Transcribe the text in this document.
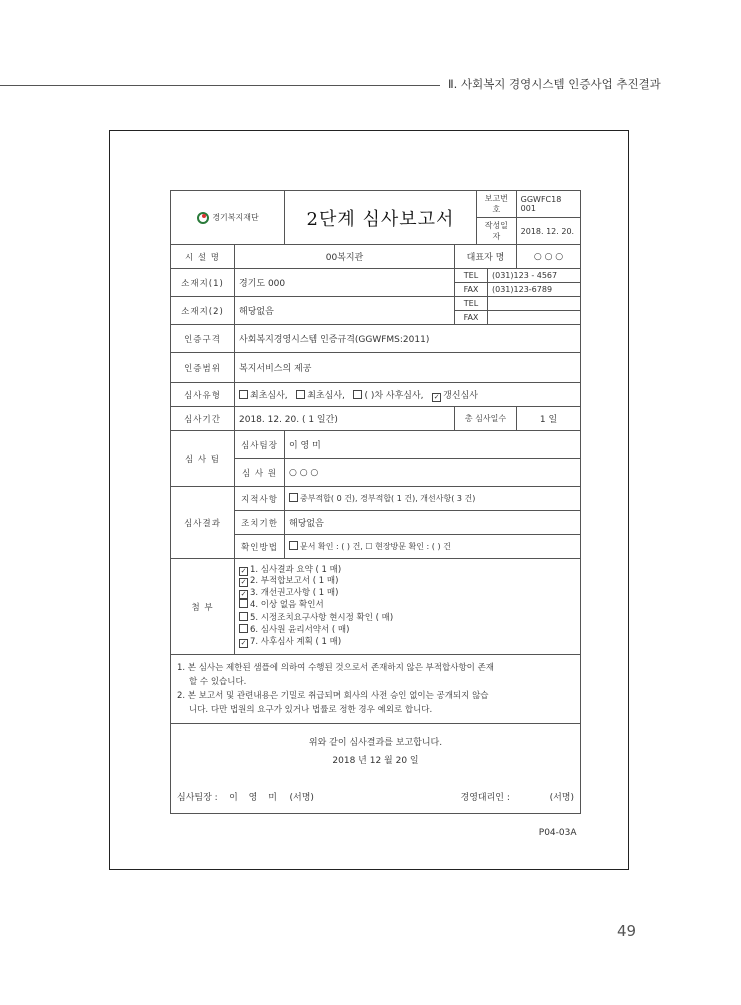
Ⅱ. 사회복지 경영시스템 인증사업 추진결과
경기복지재단	2단계 심사보고서	
보고번호	GGWFC18 001
작성일자	2018. 12. 20.

시 설 명	00복지관	대표자 명	○ ○ ○
소재지(1)	경기도 000	
TEL	(031)123 - 4567
FAX	(031)123-6789

소재지(2)	해당없음	
TEL	
FAX	

인증구격	사회복지경영시스템 인증규격(GGWFMS:2011)
인증범위	복지서비스의 제공
심사유형	최초심사, 최초심사, ( )차 사후심사, ✓ 갱신심사
심사기간	2018. 12. 20. ( 1 일간)	총 심사일수	1 일
심 사 팀	심사팀장	이 영 미
심 사 원	○ ○ ○
심사결과	지적사항	중부적합( 0 건), 경부적합( 1 건), 개선사항( 3 건)
조치기한	해당없음
확인방법	문서 확인 : ( ) 건, ☐ 현장방문 확인 : ( ) 건
첨 부	
✓ 1. 심사결과 요약 ( 1 매)
✓ 2. 부적합보고서 ( 1 매)
✓ 3. 개선권고사항 ( 1 매)
4. 이상 없음 확인서
5. 시정조치요구사항 현시정 확인 ( 매)
6. 심사원 윤리서약서 ( 매)
✓ 7. 사후심사 계획 ( 1 매)

1. 본 심사는 제한된 샘플에 의하여 수행된 것으로서 존재하지 않은 부적합사항이 존재
할 수 있습니다.
2. 본 보고서 및 관련내용은 기밀로 취급되며 회사의 사전 승인 없이는 공개되지 않습
니다. 다만 법원의 요구가 있거나 법률로 정한 경우 예외로 합니다.

위와 같이 심사결과를 보고합니다.
2018 년 12 월 20 일

심사팀장 : 이 영 미 (서명)	경영대리인 :	(서명)

P04-03A
49
